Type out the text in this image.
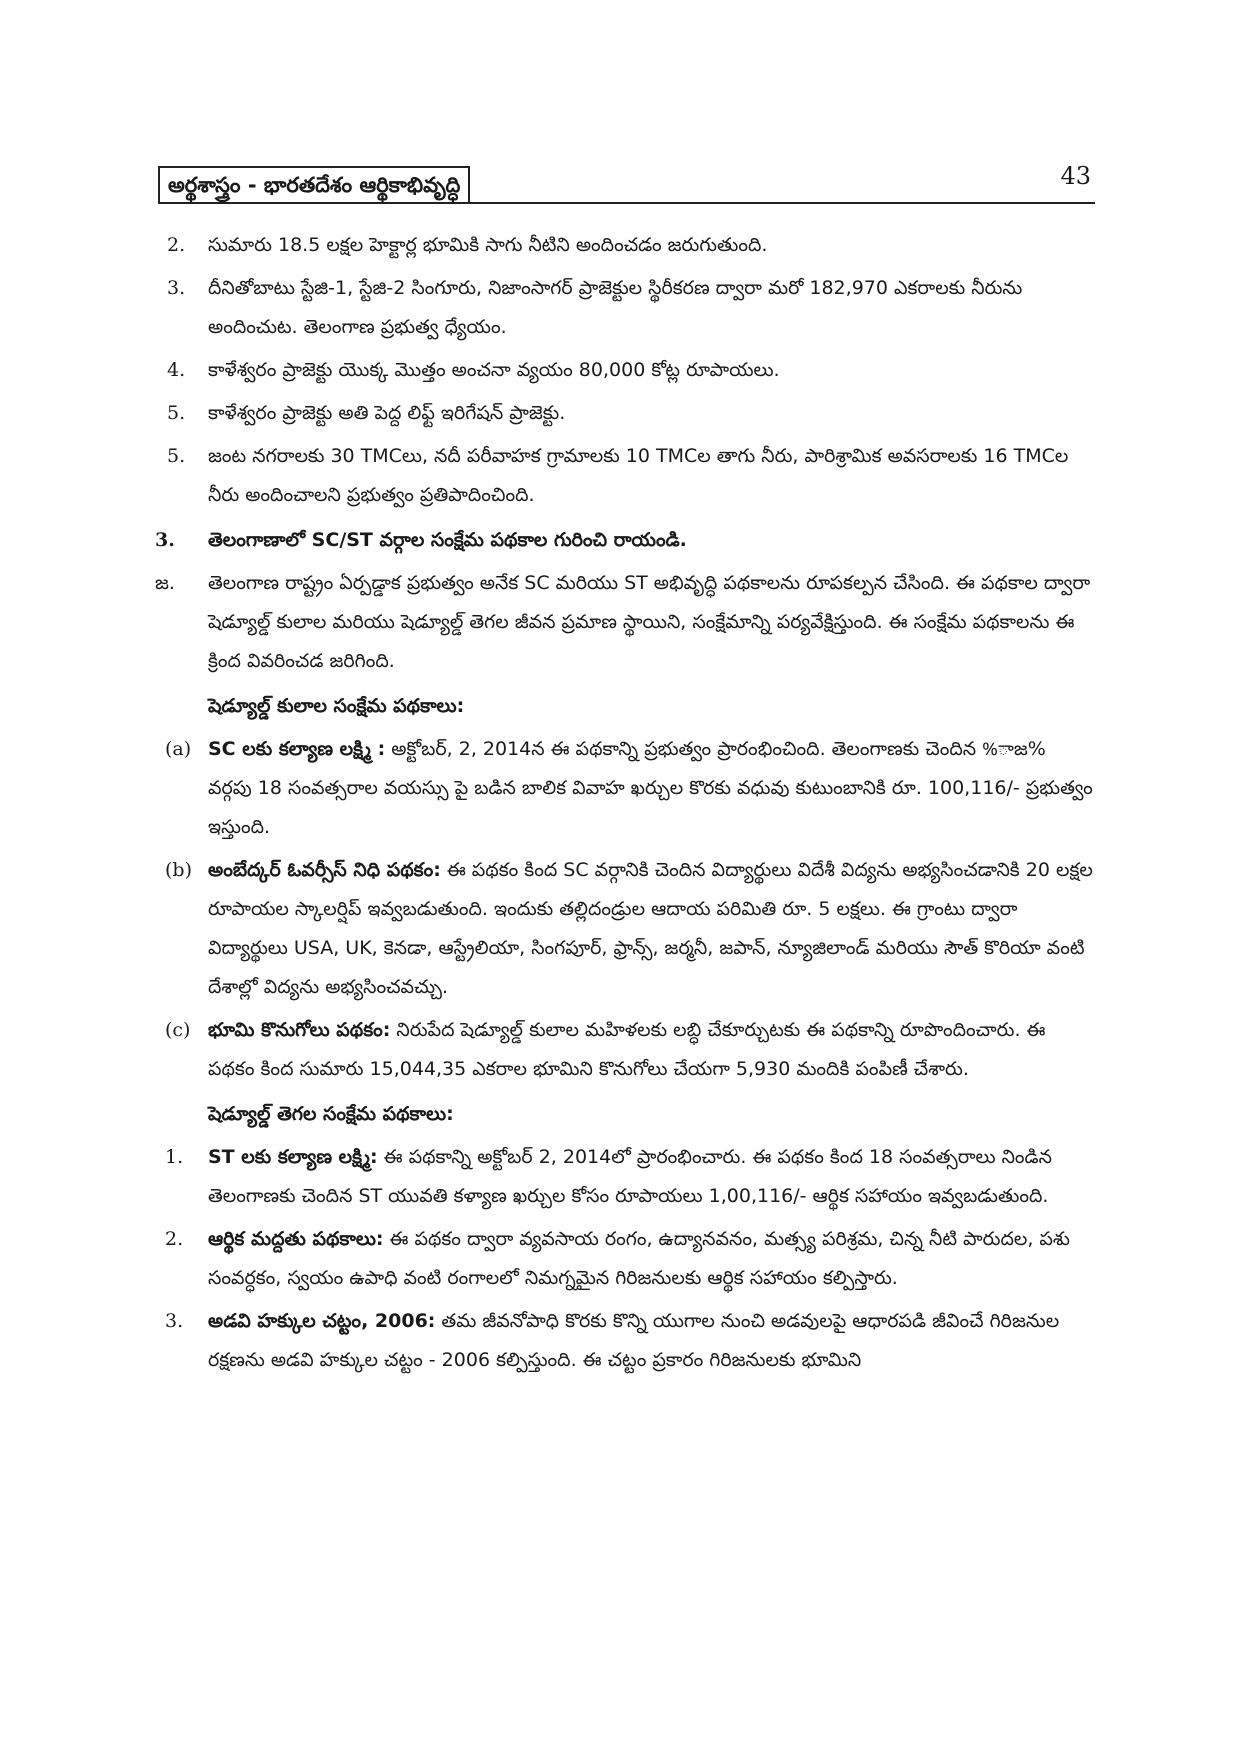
అర్థశాస్త్రం - భారతదేశం ఆర్థికాభివృద్ధి	43
2. సుమారు 18.5 లక్షల హెక్టార్ల భూమికి సాగు నీటిని అందించడం జరుగుతుంది.
3. దీనితోబాటు స్టేజి-1, స్టేజి-2 సింగూరు, నిజాంసాగర్ ప్రాజెక్టుల స్థిరీకరణ ద్వారా మరో 182,970 ఎకరాలకు నీరును అందించుట. తెలంగాణ ప్రభుత్వ ధ్యేయం.
4. కాళేశ్వరం ప్రాజెక్టు యొక్క మొత్తం అంచనా వ్యయం 80,000 కోట్ల రూపాయలు.
5. కాళేశ్వరం ప్రాజెక్టు అతి పెద్ద లిఫ్ట్ ఇరిగేషన్ ప్రాజెక్టు.
5. జంట నగరాలకు 30 TMCలు, నదీ పరీవాహక గ్రామాలకు 10 TMCల తాగు నీరు, పారిశ్రామిక అవసరాలకు 16 TMCల నీరు అందించాలని ప్రభుత్వం ప్రతిపాదించింది.
3. తెలంగాణాలో SC/ST వర్గాల సంక్షేమ పథకాల గురించి రాయండి.
జ. తెలంగాణ రాష్ట్రం ఏర్పడ్డాక ప్రభుత్వం అనేక SC మరియు ST అభివృద్ధి పథకాలను రూపకల్పన చేసింది. ఈ పథకాల ద్వారా షెడ్యూల్డ్ కులాల మరియు షెడ్యూల్డ్ తెగల జీవన ప్రమాణ స్థాయిని, సంక్షేమాన్ని పర్యవేక్షిస్తుంది. ఈ సంక్షేమ పథకాలను ఈ క్రింద వివరించడ జరిగింది.
షెడ్యూల్డ్ కులాల సంక్షేమ పథకాలు:
(a) SC లకు కల్యాణ లక్ష్మి : అక్టోబర్, 2, 2014న ఈ పథకాన్ని ప్రభుత్వం ప్రారంభించింది. తెలంగాణకు చెందిన %ాజ% వర్గపు 18 సంవత్సరాల వయస్సు పై బడిన బాలిక వివాహ ఖర్చుల కొరకు వధువు కుటుంబానికి రూ. 100,116/- ప్రభుత్వం ఇస్తుంది.
(b) అంబేద్కర్ ఓవర్సీస్ నిధి పథకం: ఈ పథకం కింద SC వర్గానికి చెందిన విద్యార్థులు విదేశీ విద్యను అభ్యసించడానికి 20 లక్షల రూపాయల స్కాలర్షిప్ ఇవ్వబడుతుంది. ఇందుకు తల్లిదండ్రుల ఆదాయ పరిమితి రూ. 5 లక్షలు. ఈ గ్రాంటు ద్వారా విద్యార్థులు USA, UK, కెనడా, ఆస్ట్రేలియా, సింగపూర్, ఫ్రాన్స్, జర్మనీ, జపాన్, న్యూజిలాండ్ మరియు సౌత్ కొరియా వంటి దేశాల్లో విద్యను అభ్యసించవచ్చు.
(c) భూమి కొనుగోలు పథకం: నిరుపేద షెడ్యూల్డ్ కులాల మహిళలకు లబ్ధి చేకూర్చుటకు ఈ పథకాన్ని రూపొందించారు. ఈ పథకం కింద సుమారు 15,044,35 ఎకరాల భూమిని కొనుగోలు చేయగా 5,930 మందికి పంపిణీ చేశారు.
షెడ్యూల్డ్ తెగల సంక్షేమ పథకాలు:
1. ST లకు కల్యాణ లక్ష్మి: ఈ పథకాన్ని అక్టోబర్ 2, 2014లో ప్రారంభించారు. ఈ పథకం కింద 18 సంవత్సరాలు నిండిన తెలంగాణకు చెందిన ST యువతి కళ్యాణ ఖర్చుల కోసం రూపాయలు 1,00,116/- ఆర్థిక సహాయం ఇవ్వబడుతుంది.
2. ఆర్థిక మద్దతు పథకాలు: ఈ పథకం ద్వారా వ్యవసాయ రంగం, ఉద్యానవనం, మత్స్య పరిశ్రమ, చిన్న నీటి పారుదల, పశు సంవర్ధకం, స్వయం ఉపాధి వంటి రంగాలలో నిమగ్నమైన గిరిజనులకు ఆర్థిక సహాయం కల్పిస్తారు.
3. అడవి హక్కుల చట్టం, 2006: తమ జీవనోపాధి కొరకు కొన్ని యుగాల నుంచి అడవులపై ఆధారపడి జీవించే గిరిజనుల రక్షణను అడవి హక్కుల చట్టం - 2006 కల్పిస్తుంది. ఈ చట్టం ప్రకారం గిరిజనులకు భూమిని
